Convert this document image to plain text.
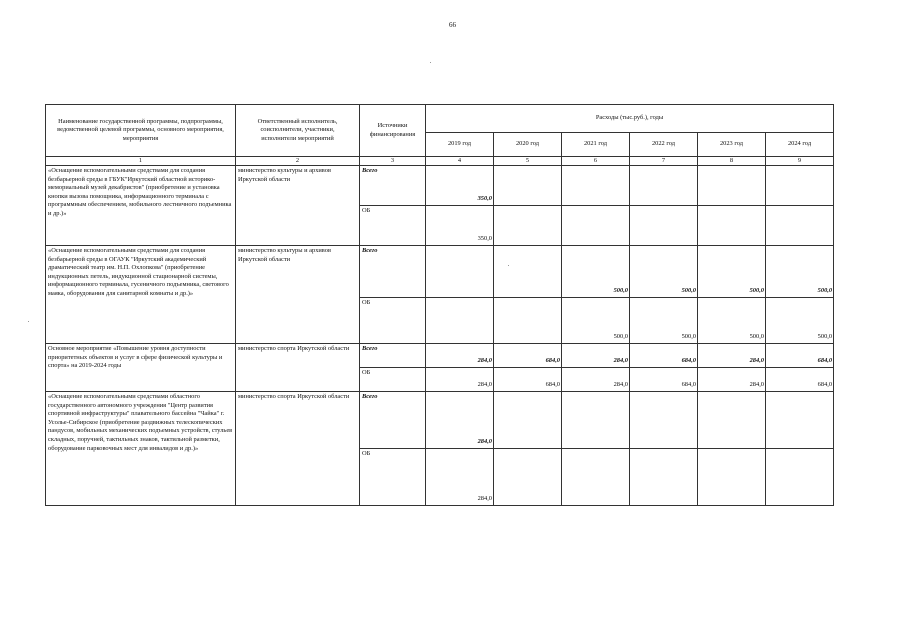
66
Наименование государственной программы, подпрограммы, ведомственной целевой программы, основного мероприятия, мероприятия	Ответственный исполнитель, соисполнители, участники, исполнители мероприятий	Источники финансирования	Расходы (тыс.руб.), годы					
			2019 год	2020 год	2021 год	2022 год	2023 год	2024 год
1	2	3	4	5	6	7	8	9
«Оснащение вспомогательными средствами для создания безбарьерной среды в ГБУК"Иркутский областной историко-мемориальный музей декабристов" (приобретение и установка кнопки вызова помощника, информационного терминала с программным обеспечением, мобильного лестничного подъемника и др.)»	министерство культуры и архивов Иркутской области	Всего	350,0					
		ОБ	350,0					
«Оснащение вспомогательными средствами для создания безбарьерной среды в ОГАУК "Иркутский академический драматический театр им. Н.П. Охлопкова" (приобретение индукционных петель, индукционной стационарной системы, информационного терминала, гусеничного подъемника, светового маяка, оборудования для санитарной комнаты и др.)»	министерство культуры и архивов Иркутской области	Всего			500,0	500,0	500,0	500,0
		ОБ			500,0	500,0	500,0	500,0
Основное мероприятие «Повышение уровня доступности приоритетных объектов и услуг в сфере физической культуры и спорта» на 2019-2024 годы	министерство спорта Иркутской области	Всего	284,0	684,0	284,0	684,0	284,0	684,0
		ОБ	284,0	684,0	284,0	684,0	284,0	684,0
«Оснащение вспомогательными средствами областного государственного автономного учреждения "Центр развития спортивной инфраструктуры" плавательного бассейна "Чайка" г. Усолье-Сибирское (приобретение раздвижных телескопических пандусов, мобильных механических подъемных устройств, стульев складных, поручней, тактильных знаков, тактильной разметки, оборудование парковочных мест для инвалидов и др.)»	министерство спорта Иркутской области	Всего	284,0					
		ОБ	284,0					
